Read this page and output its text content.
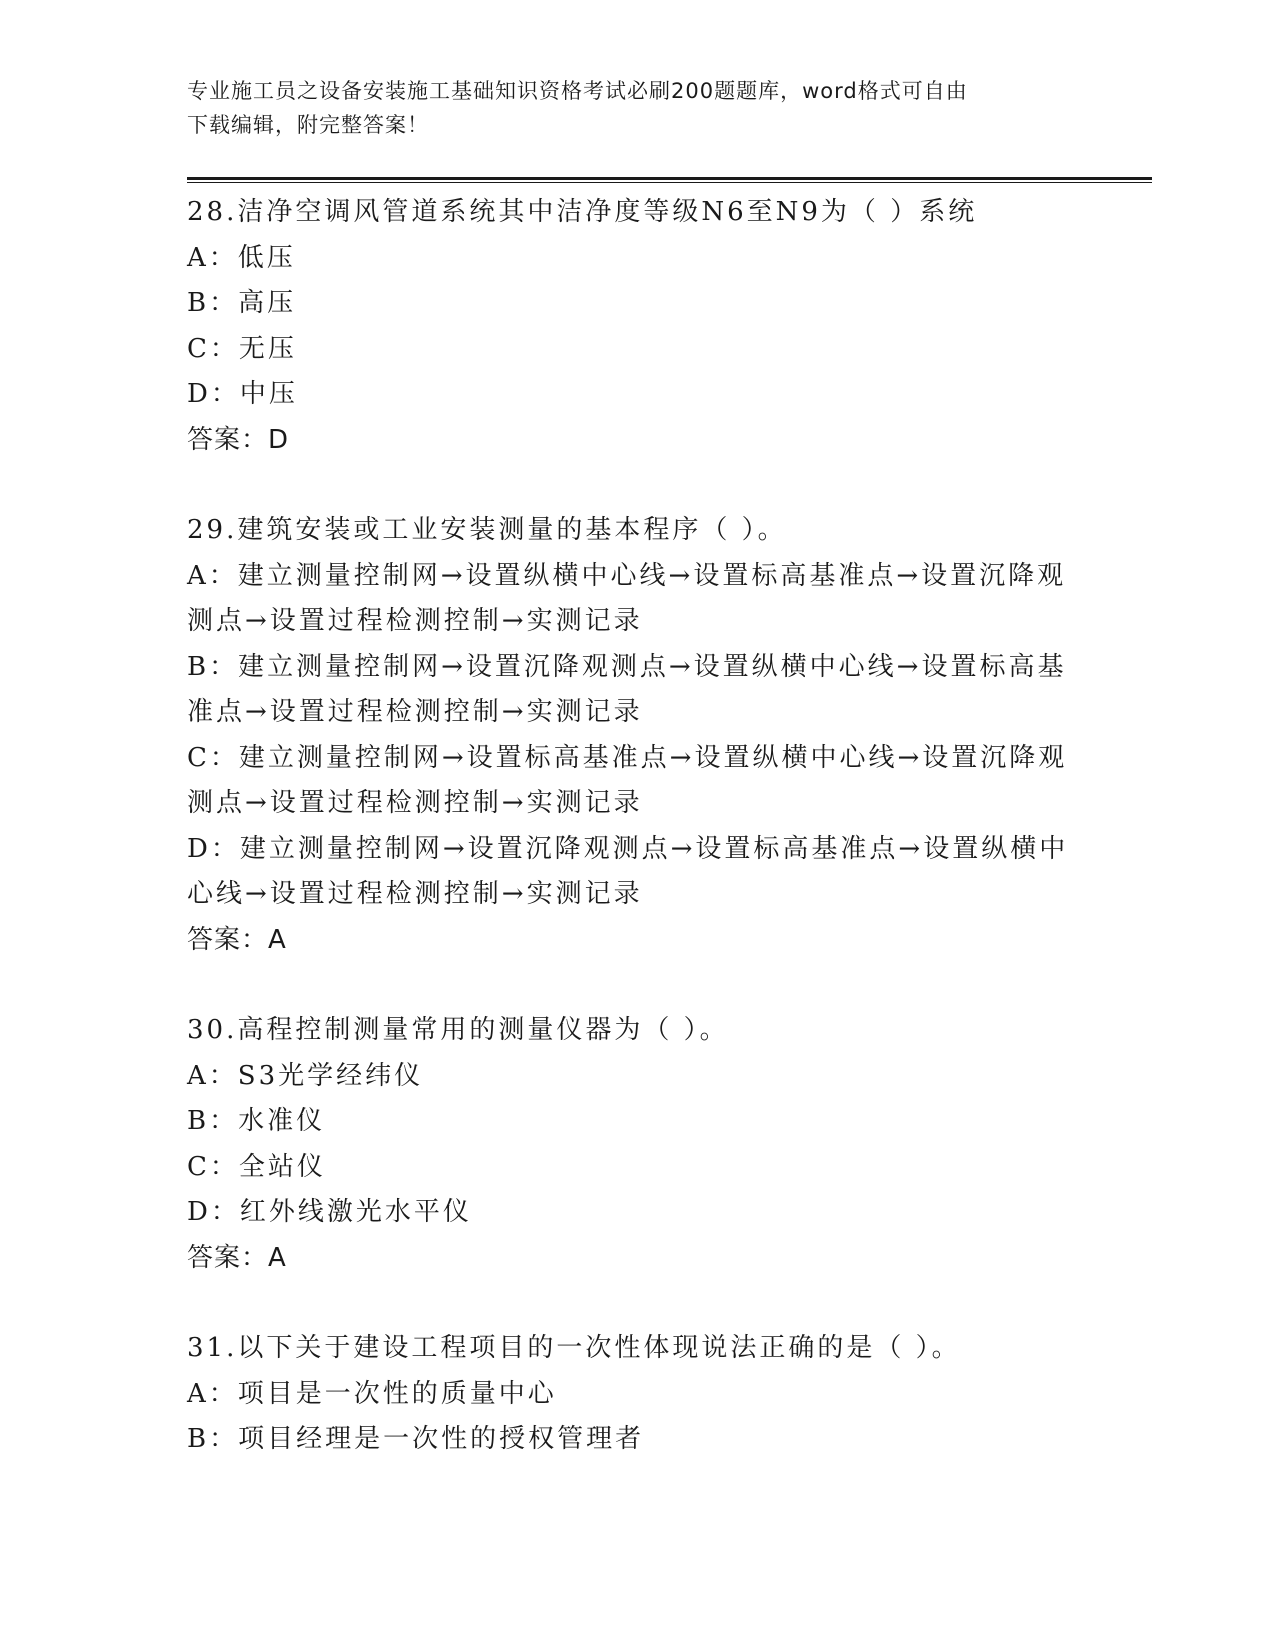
专业施工员之设备安装施工基础知识资格考试必刷200题题库，word格式可自由
下载编辑，附完整答案！
28.洁净空调风管道系统其中洁净度等级N6至N9为（ ）系统
A：低压
B：高压
C：无压
D：中压
答案：D
29.建筑安装或工业安装测量的基本程序（ ）。
A：建立测量控制网→设置纵横中心线→设置标高基准点→设置沉降观测点→设置过程检测控制→实测记录
B：建立测量控制网→设置沉降观测点→设置纵横中心线→设置标高基准点→设置过程检测控制→实测记录
C：建立测量控制网→设置标高基准点→设置纵横中心线→设置沉降观测点→设置过程检测控制→实测记录
D：建立测量控制网→设置沉降观测点→设置标高基准点→设置纵横中心线→设置过程检测控制→实测记录
答案：A
30.高程控制测量常用的测量仪器为（ ）。
A：S3光学经纬仪
B：水准仪
C：全站仪
D：红外线激光水平仪
答案：A
31.以下关于建设工程项目的一次性体现说法正确的是（ ）。
A：项目是一次性的质量中心
B：项目经理是一次性的授权管理者
